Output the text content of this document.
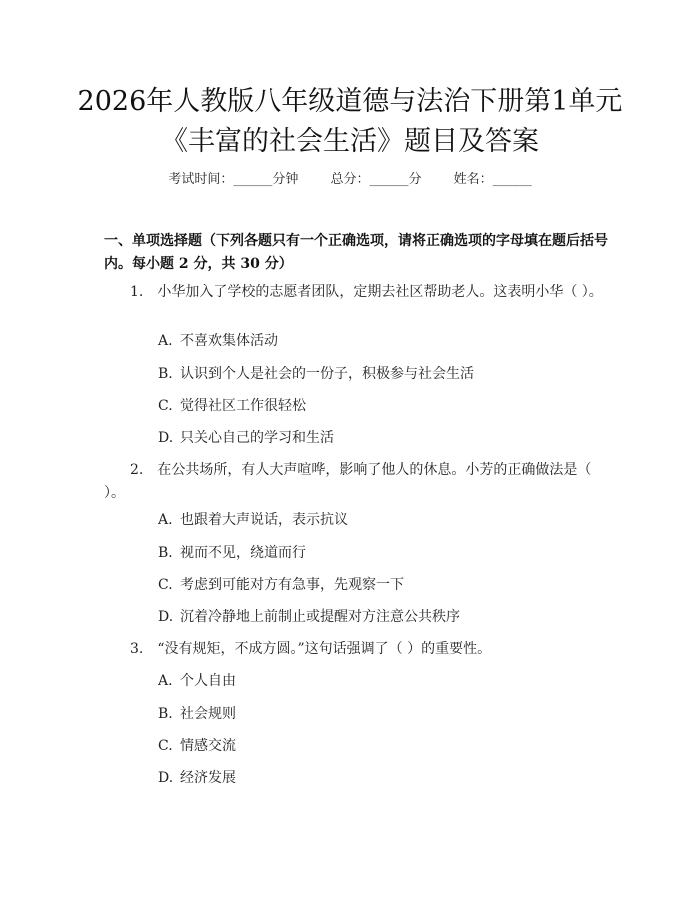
2026年人教版八年级道德与法治下册第1单元《丰富的社会生活》题目及答案
考试时间：______分钟 总分：______分 姓名：______
一、单项选择题（下列各题只有一个正确选项，请将正确选项的字母填在题后括号内。每小题 2 分，共 30 分）
1. 小华加入了学校的志愿者团队，定期去社区帮助老人。这表明小华（ ）。
A. 不喜欢集体活动
B. 认识到个人是社会的一份子，积极参与社会生活
C. 觉得社区工作很轻松
D. 只关心自己的学习和生活
2. 在公共场所，有人大声喧哗，影响了他人的休息。小芳的正确做法是（ ）。
A. 也跟着大声说话，表示抗议
B. 视而不见，绕道而行
C. 考虑到可能对方有急事，先观察一下
D. 沉着冷静地上前制止或提醒对方注意公共秩序
3. “没有规矩，不成方圆。”这句话强调了（ ）的重要性。
A. 个人自由
B. 社会规则
C. 情感交流
D. 经济发展
